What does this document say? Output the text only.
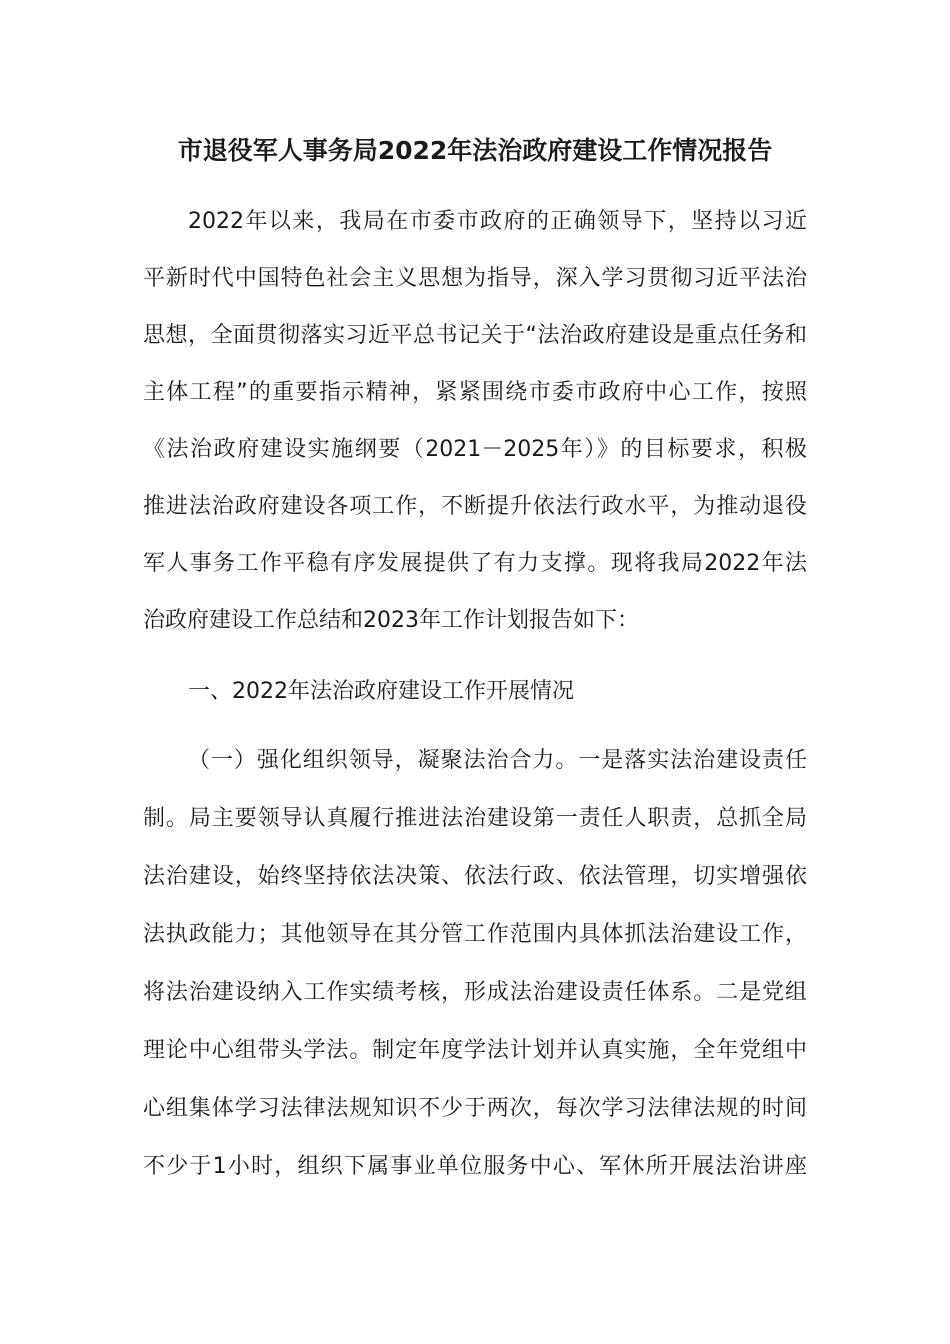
市退役军人事务局2022年法治政府建设工作情况报告
2022年以来，我局在市委市政府的正确领导下，坚持以习近
平新时代中国特色社会主义思想为指导，深入学习贯彻习近平法治
思想，全面贯彻落实习近平总书记关于“法治政府建设是重点任务和
主体工程”的重要指示精神，紧紧围绕市委市政府中心工作，按照
《法治政府建设实施纲要（2021－2025年）》的目标要求，积极
推进法治政府建设各项工作，不断提升依法行政水平，为推动退役
军人事务工作平稳有序发展提供了有力支撑。现将我局2022年法
治政府建设工作总结和2023年工作计划报告如下：
一、2022年法治政府建设工作开展情况
（一）强化组织领导，凝聚法治合力。一是落实法治建设责任
制。局主要领导认真履行推进法治建设第一责任人职责，总抓全局
法治建设，始终坚持依法决策、依法行政、依法管理，切实增强依
法执政能力；其他领导在其分管工作范围内具体抓法治建设工作，
将法治建设纳入工作实绩考核，形成法治建设责任体系。二是党组
理论中心组带头学法。制定年度学法计划并认真实施，全年党组中
心组集体学习法律法规知识不少于两次，每次学习法律法规的时间
不少于1小时，组织下属事业单位服务中心、军休所开展法治讲座
